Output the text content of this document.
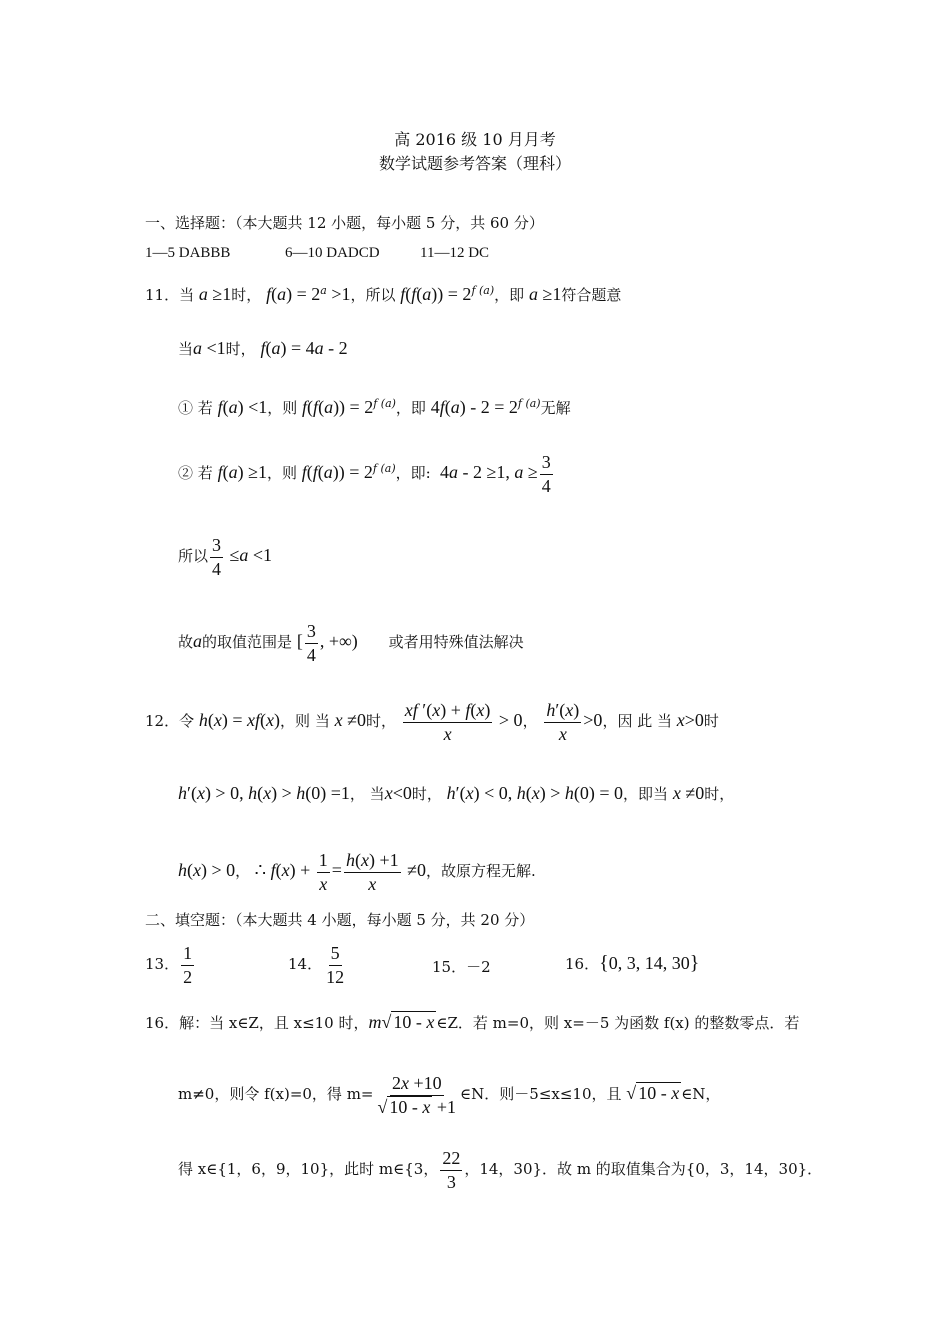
高 2016 级 10 月月考
数学试题参考答案（理科）
一、选择题：（本大题共 12 小题，每小题 5 分，共 60 分）
1—5 DABBB	6—10 DADCD	11—12 DC
11．当 a ≥1时， $f(a) = 2^a >1$，所以 $f(f(a)) = 2^{f (a)}$，即 a ≥1符合题意
当a <1时， f(a) = 4a - 2
① 若 f(a) <1，则 $f(f(a)) = 2^{f (a)}$，即 $4f(a) - 2 = 2^{f (a)}$无解
② 若 f(a) ≥1，则 $f(f(a)) = 2^{f (a)}$，即:  4a - 2 ≥1, $a \ge \frac{3}{4}$
所以 $\frac{3}{4} \le a <1$
故a的取值范围是 [ $\frac{3}{4}$ , +∞) 或者用特殊值法解决
12．令 h(x) = xf(x)，则 当 x ≠0时， $\frac{xf '(x) + f(x)}{x} > 0$， $\frac{h'(x)}{x} >0$，因 此 当 x>0时
h′(x) > 0, h(x) > h(0) =1， 当x<0时， h′(x) < 0, h(x) > h(0) = 0，即当 x ≠0时，
h(x) > 0， ∴ $f(x) + \frac{1}{x} = \frac{h(x) +1}{x} \ne 0$，故原方程无解.
二、填空题：（本大题共 4 小题，每小题 5 分，共 20 分）
13． $\frac{1}{2}$	14． $\frac{5}{12}$	15．－2	16．{0, 3, 14, 30}
16．解：当 x∈Z，且 x≤10 时，m√ 10 - x ∈Z．若 m=0，则 x=－5 为函数 f(x) 的整数零点．若
m≠0，则令 f(x)=0，得 $m= \frac{2x +10}{√ 10 - x +1}$ ∈N．则－5≤x≤10，且 √ 10 - x ∈N，
得 x∈{1，6，9，10}，此时 m∈{3， $\frac{22}{3}$ ，14，30}．故 m 的取值集合为{0，3，14，30}．
